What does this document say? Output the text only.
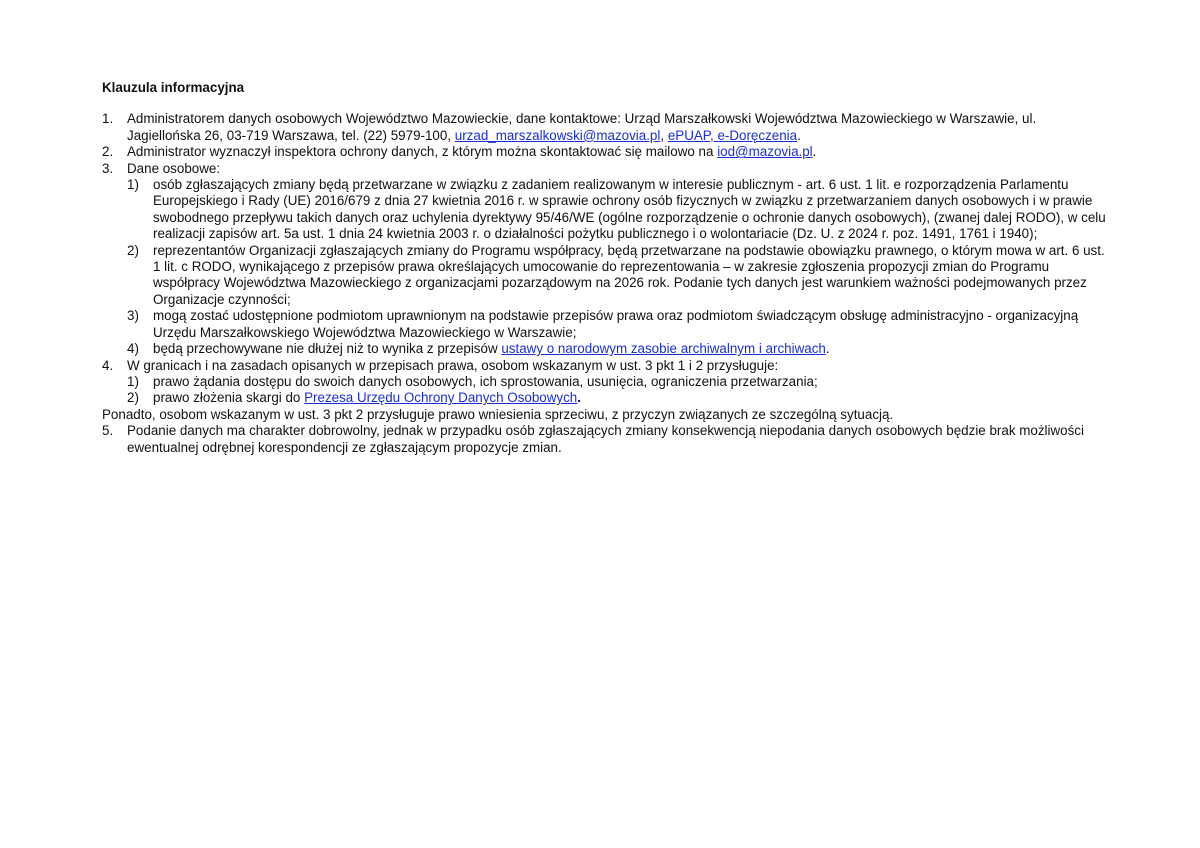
Klauzula informacyjna
1. Administratorem danych osobowych Województwo Mazowieckie, dane kontaktowe: Urząd Marszałkowski Województwa Mazowieckiego w Warszawie, ul. Jagiellońska 26, 03-719 Warszawa, tel. (22) 5979-100, urzad_marszalkowski@mazovia.pl, ePUAP, e-Doręczenia.
2. Administrator wyznaczył inspektora ochrony danych, z którym można skontaktować się mailowo na iod@mazovia.pl.
3. Dane osobowe:
1) osób zgłaszających zmiany będą przetwarzane w związku z zadaniem realizowanym w interesie publicznym - art. 6 ust. 1 lit. e rozporządzenia Parlamentu Europejskiego i Rady (UE) 2016/679 z dnia 27 kwietnia 2016 r. w sprawie ochrony osób fizycznych w związku z przetwarzaniem danych osobowych i w prawie swobodnego przepływu takich danych oraz uchylenia dyrektywy 95/46/WE (ogólne rozporządzenie o ochronie danych osobowych), (zwanej dalej RODO), w celu realizacji zapisów art. 5a ust. 1 dnia 24 kwietnia 2003 r. o działalności pożytku publicznego i o wolontariacie (Dz. U. z 2024 r. poz. 1491, 1761 i 1940);
2) reprezentantów Organizacji zgłaszających zmiany do Programu współpracy, będą przetwarzane na podstawie obowiązku prawnego, o którym mowa w art. 6 ust. 1 lit. c RODO, wynikającego z przepisów prawa określających umocowanie do reprezentowania – w zakresie zgłoszenia propozycji zmian do Programu współpracy Województwa Mazowieckiego z organizacjami pozarządowym na 2026 rok. Podanie tych danych jest warunkiem ważności podejmowanych przez Organizacje czynności;
3) mogą zostać udostępnione podmiotom uprawnionym na podstawie przepisów prawa oraz podmiotom świadczącym obsługę administracyjno - organizacyjną Urzędu Marszałkowskiego Województwa Mazowieckiego w Warszawie;
4) będą przechowywane nie dłużej niż to wynika z przepisów ustawy o narodowym zasobie archiwalnym i archiwach.
4. W granicach i na zasadach opisanych w przepisach prawa, osobom wskazanym w ust. 3 pkt 1 i 2 przysługuje:
1) prawo żądania dostępu do swoich danych osobowych, ich sprostowania, usunięcia, ograniczenia przetwarzania;
2) prawo złożenia skargi do Prezesa Urzędu Ochrony Danych Osobowych.
Ponadto, osobom wskazanym w ust. 3 pkt 2 przysługuje prawo wniesienia sprzeciwu, z przyczyn związanych ze szczególną sytuacją.
5. Podanie danych ma charakter dobrowolny, jednak w przypadku osób zgłaszających zmiany konsekwencją niepodania danych osobowych będzie brak możliwości ewentualnej odrębnej korespondencji ze zgłaszającym propozycje zmian.
